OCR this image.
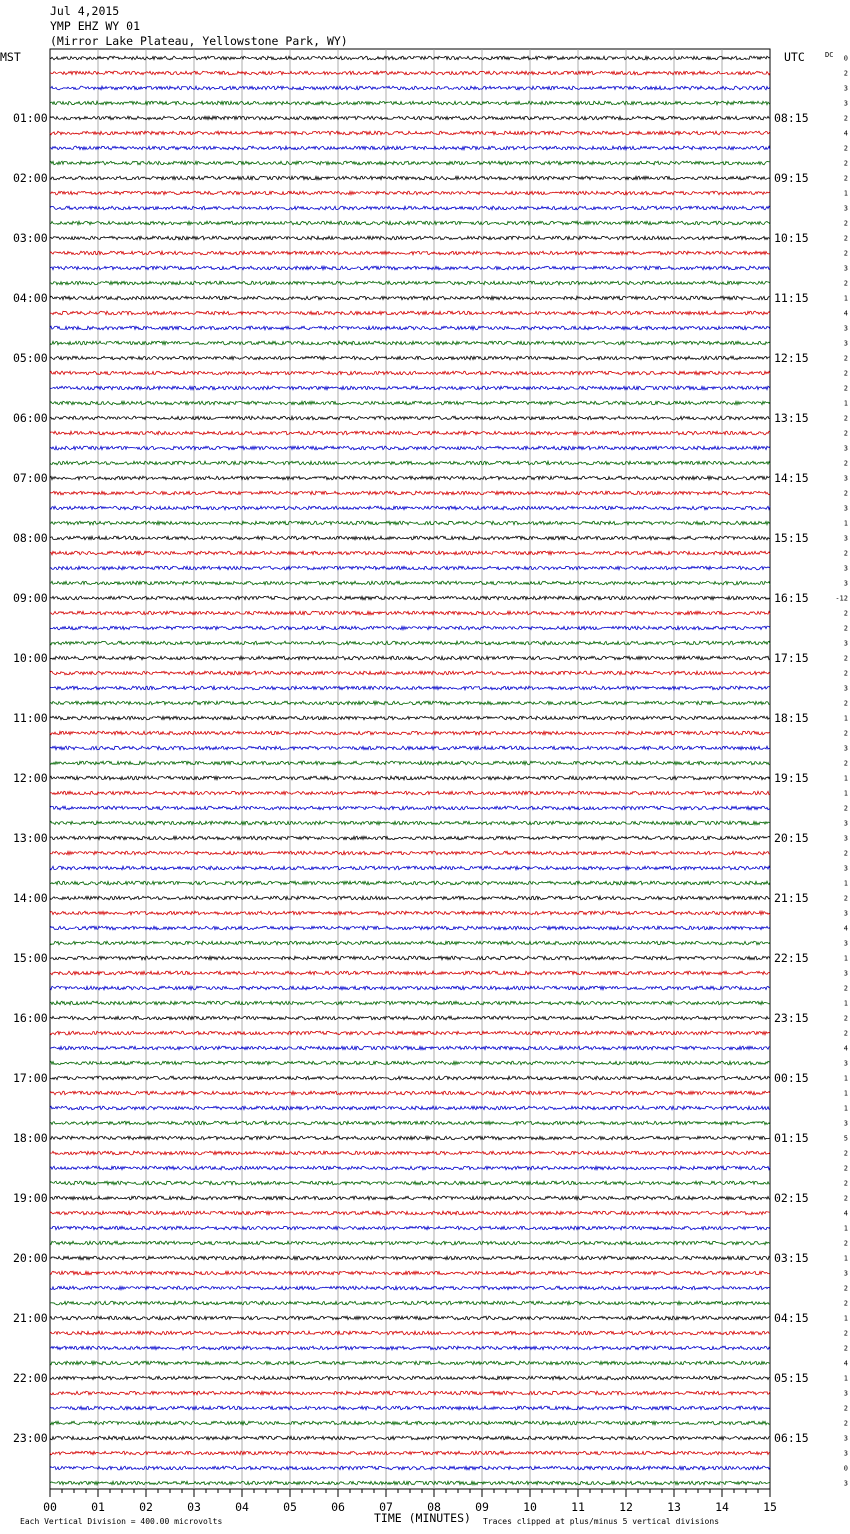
Jul 4,2015
YMP EHZ WY 01
(Mirror Lake Plateau, Yellowstone Park, WY)
MST	UTC	DC
01:00
02:00
03:00
04:00
05:00
06:00
07:00
08:00
09:00
10:00
11:00
12:00
13:00
14:00
15:00
16:00
17:00
18:00
19:00
20:00
21:00
22:00
23:00
08:15
09:15
10:15
11:15
12:15
13:15
14:15
15:15
16:15
17:15
18:15
19:15
20:15
21:15
22:15
23:15
00:15
01:15
02:15
03:15
04:15
05:15
06:15
0
2
3
3
2
4
2
2
2
1
3
2
2
2
3
2
1
4
3
3
2
2
2
1
2
2
3
2
3
2
3
1
3
2
3
3
-12
2
2
3
2
2
3
2
1
2
3
2
1
1
2
3
3
2
3
1
2
3
4
3
1
3
2
1
2
2
4
3
1
1
1
3
5
2
2
2
2
4
1
2
1
3
2
2
1
2
2
4
1
3
2
2
3
3
0
3
00	01	02	03	04	05	06	07	08	09	10	11	12	13	14	15
TIME (MINUTES)
Each Vertical Division = 400.00 microvolts	Traces clipped at plus/minus 5 vertical divisions
